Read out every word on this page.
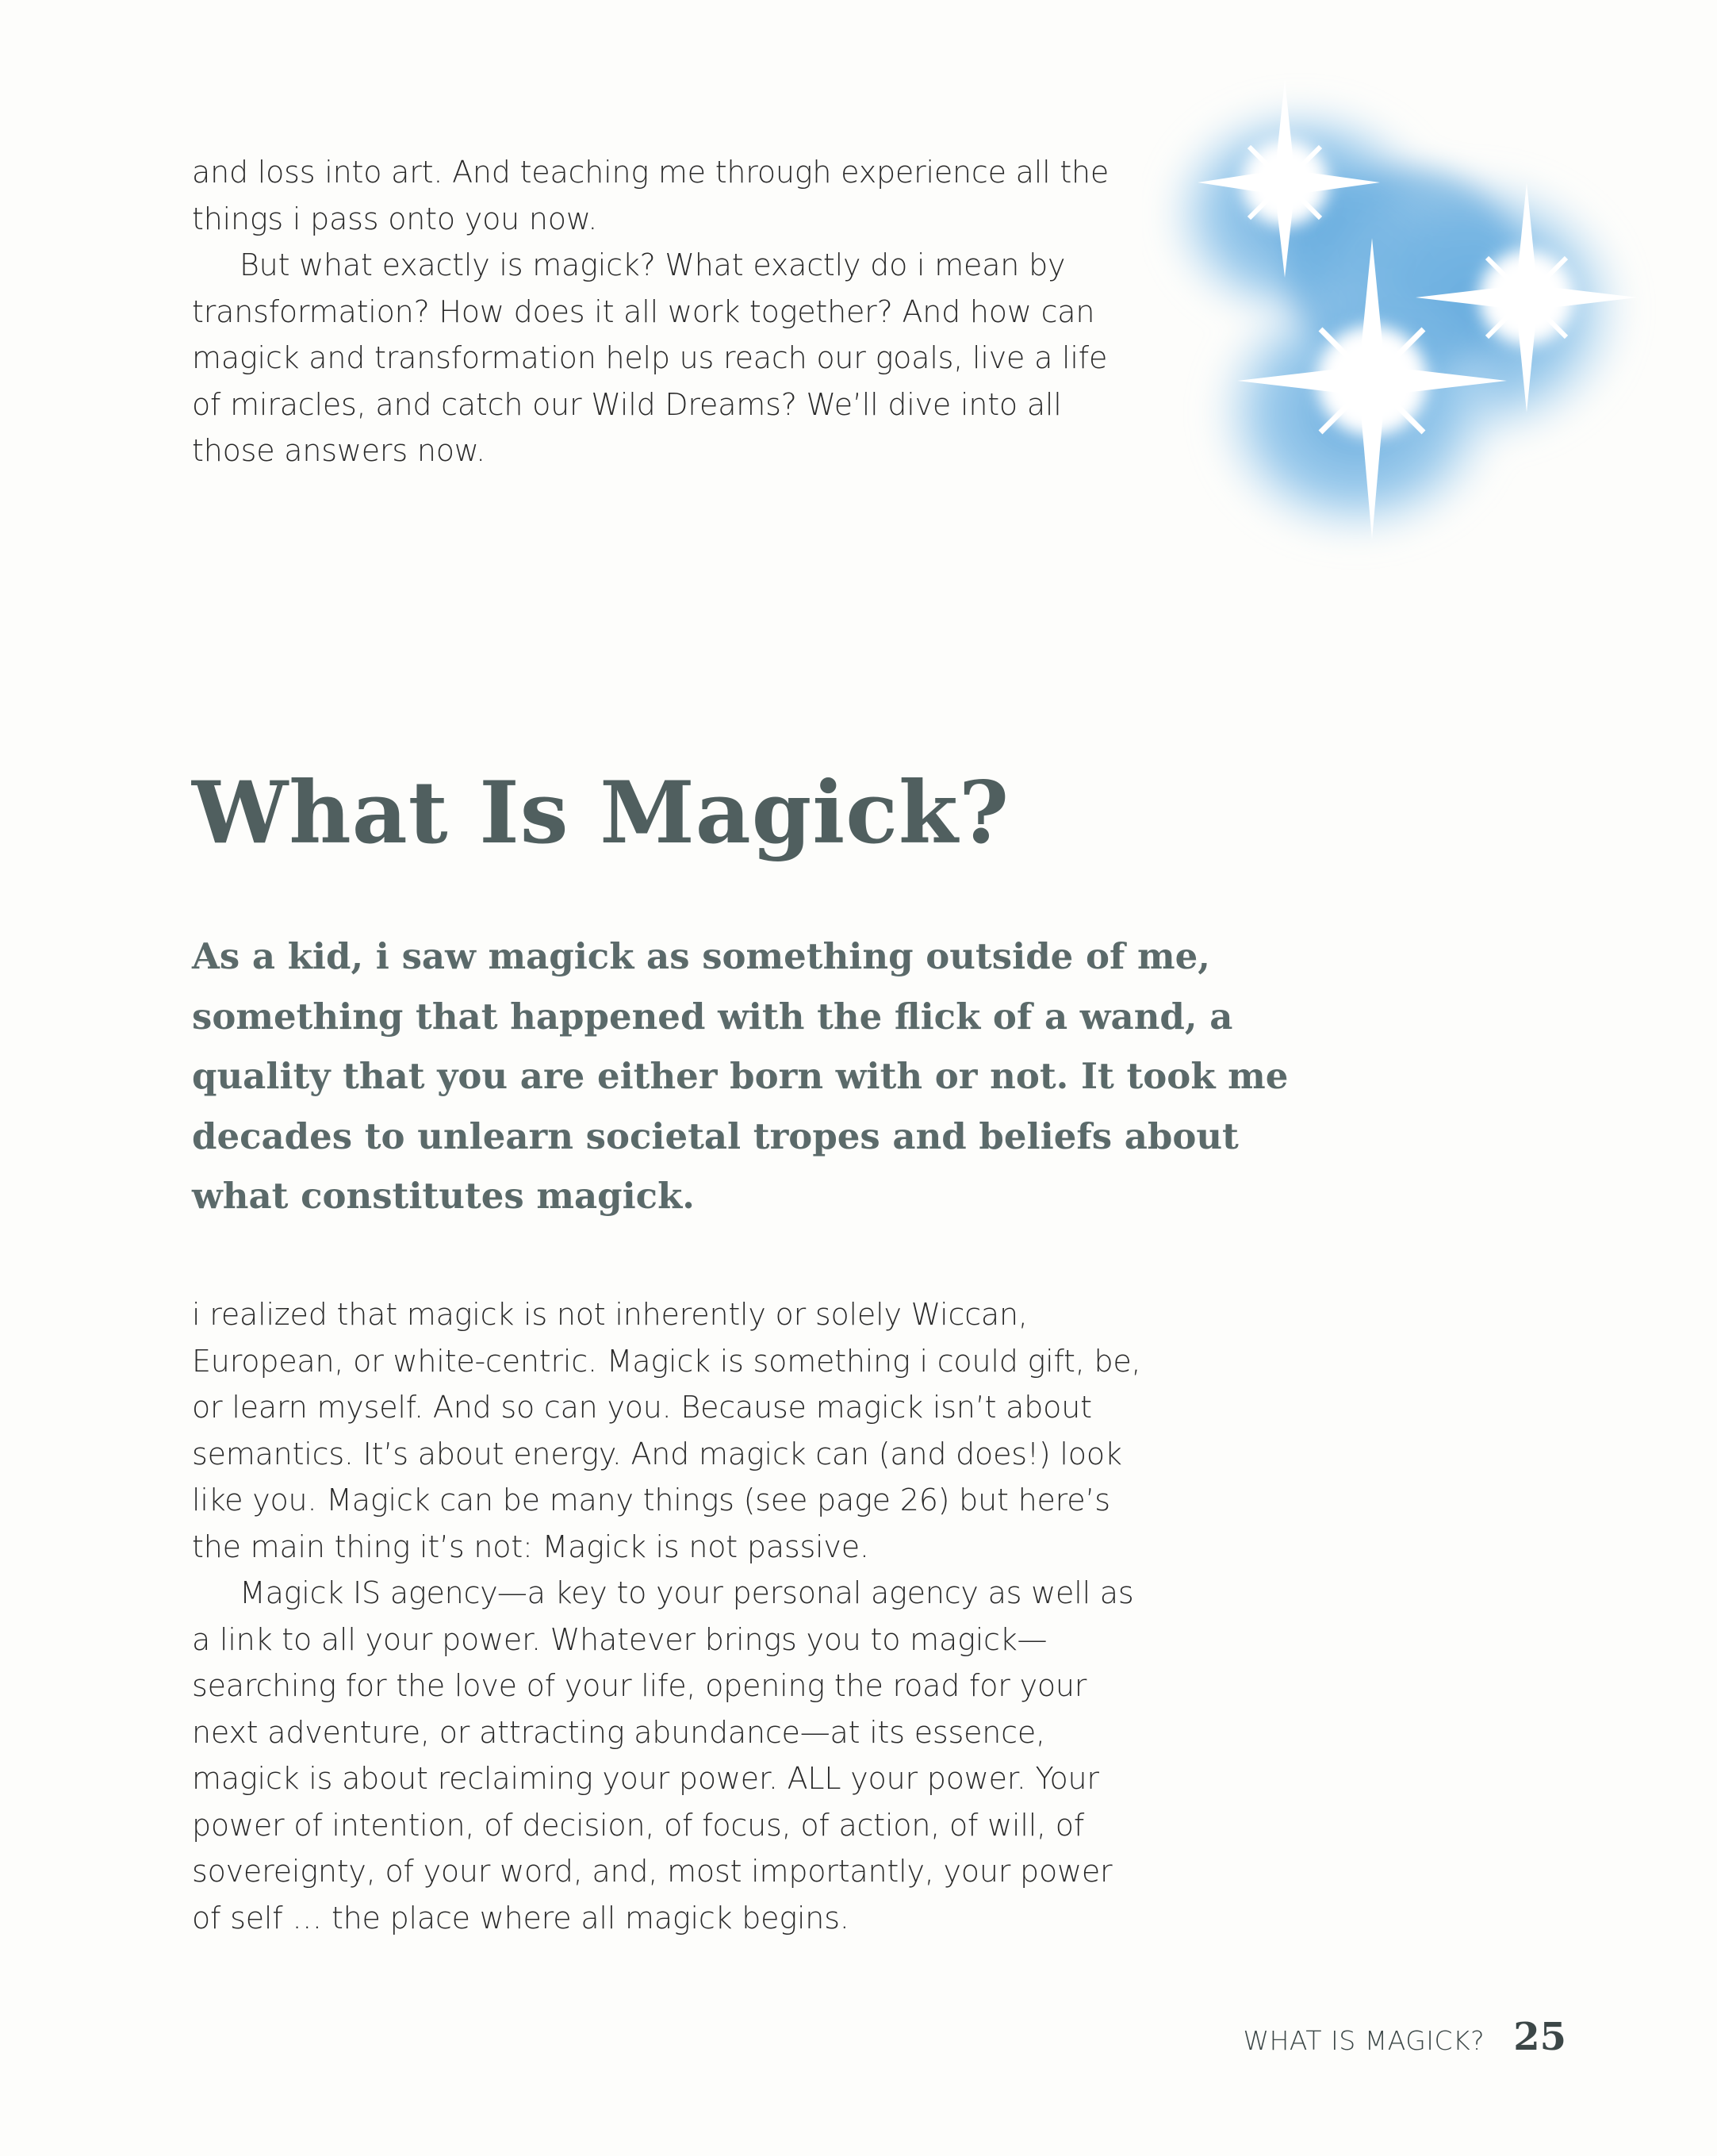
and loss into art. And teaching me through experience all the things i pass onto you now.

But what exactly is magick? What exactly do i mean by transformation? How does it all work together? And how can magick and transformation help us reach our goals, live a life of miracles, and catch our Wild Dreams? We’ll dive into all those answers now.

What Is Magick?

As a kid, i saw magick as something outside of me, something that happened with the flick of a wand, a quality that you are either born with or not. It took me decades to unlearn societal tropes and beliefs about what constitutes magick.

i realized that magick is not inherently or solely Wiccan, European, or white-centric. Magick is something i could gift, be, or learn myself. And so can you. Because magick isn’t about semantics. It’s about energy. And magick can (and does!) look like you. Magick can be many things (see page 26) but here’s the main thing it’s not: Magick is not passive.

Magick IS agency—a key to your personal agency as well as a link to all your power. Whatever brings you to magick—searching for the love of your life, opening the road for your next adventure, or attracting abundance—at its essence, magick is about reclaiming your power. ALL your power. Your power of intention, of decision, of focus, of action, of will, of sovereignty, of your word, and, most importantly, your power of self … the place where all magick begins.

WHAT IS MAGICK? 25
